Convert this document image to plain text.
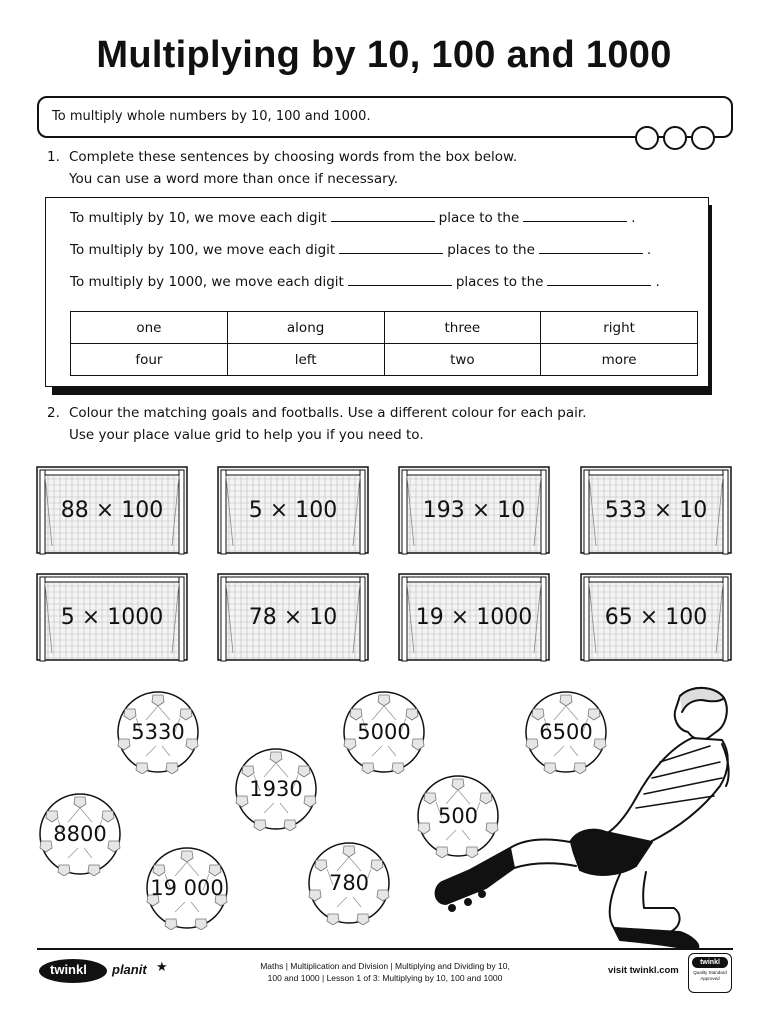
Multiplying by 10, 100 and 1000
To multiply whole numbers by 10, 100 and 1000.
1. Complete these sentences by choosing words from the box below.
You can use a word more than once if necessary.
To multiply by 10, we move each digit	place to the	.
To multiply by 100, we move each digit	places to the	.
To multiply by 1000, we move each digit	places to the	.
one	along	three	right
four	left	two	more
2. Colour the matching goals and footballs. Use a different colour for each pair.
Use your place value grid to help you if you need to.
88 × 100	5 × 100	193 × 10	533 × 10
5 × 1000	78 × 10	19 × 1000	65 × 100
5330	5000	6500
1930
8800
500
780
19 000
twinkl planit ★	Maths | Multiplication and Division | Multiplying and Dividing by 10,
100 and 1000 | Lesson 1 of 3: Multiplying by 10, 100 and 1000
visit twinkl.com
twinkl
Quality Standard Approved
